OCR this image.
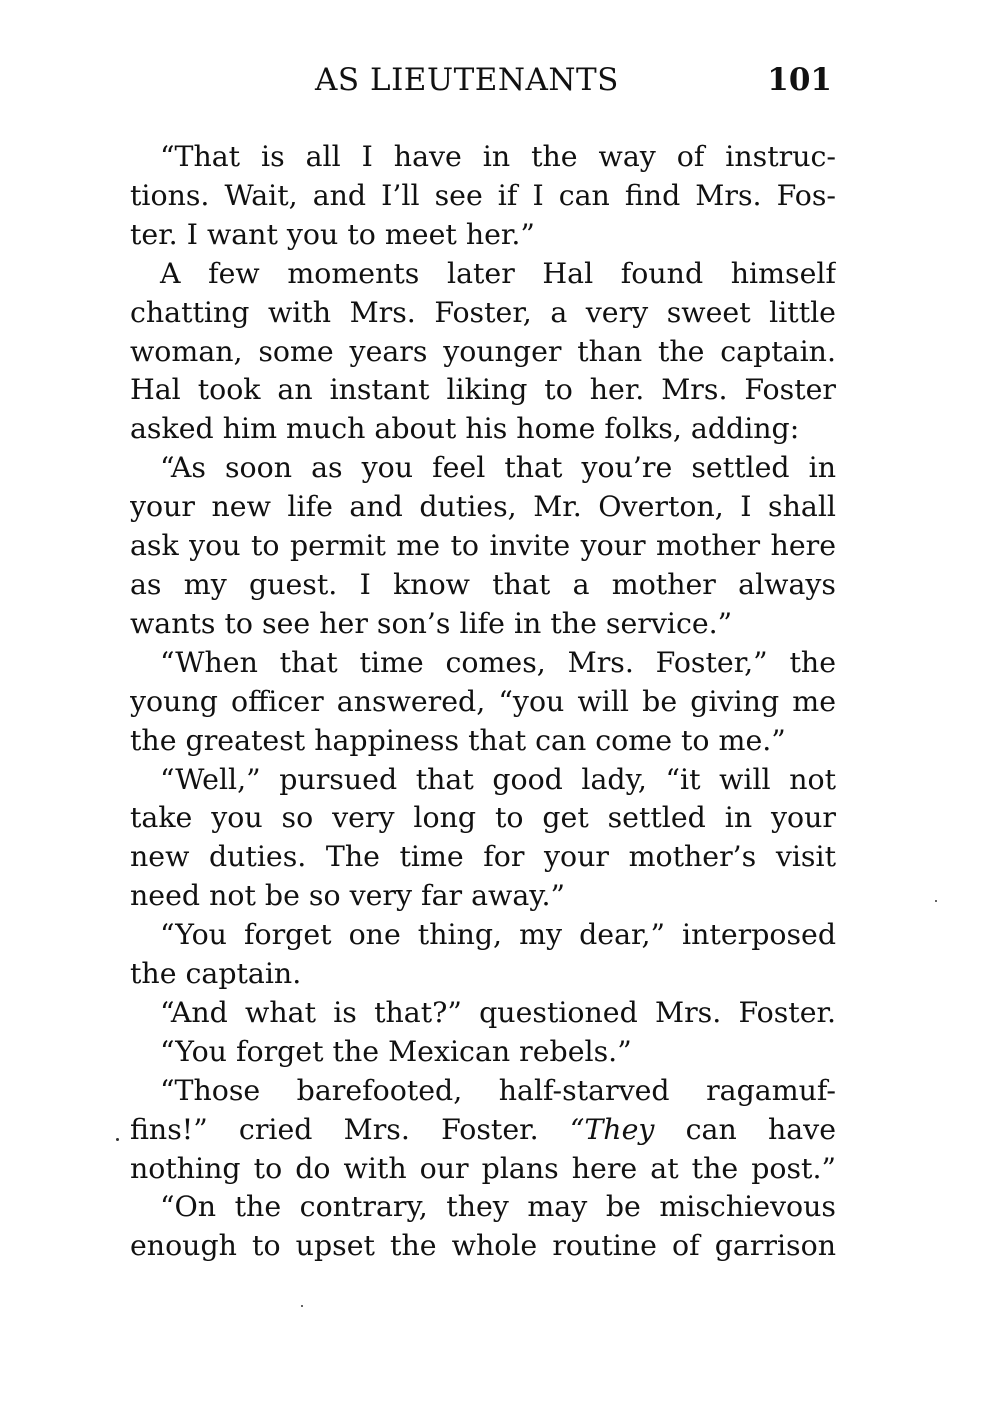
AS LIEUTENANTS	101
“That is all I have in the way of instruc-
tions. Wait, and I’ll see if I can find Mrs. Fos-
ter. I want you to meet her.”
A few moments later Hal found himself
chatting with Mrs. Foster, a very sweet little
woman, some years younger than the captain.
Hal took an instant liking to her. Mrs. Foster
asked him much about his home folks, adding:
“As soon as you feel that you’re settled in
your new life and duties, Mr. Overton, I shall
ask you to permit me to invite your mother here
as my guest. I know that a mother always
wants to see her son’s life in the service.”
“When that time comes, Mrs. Foster,” the
young officer answered, “you will be giving me
the greatest happiness that can come to me.”
“Well,” pursued that good lady, “it will not
take you so very long to get settled in your
new duties. The time for your mother’s visit
need not be so very far away.”
“You forget one thing, my dear,” interposed
the captain.
“And what is that?” questioned Mrs. Foster.
“You forget the Mexican rebels.”
“Those barefooted, half-starved ragamuf-
fins!” cried Mrs. Foster. “They can have
nothing to do with our plans here at the post.”
“On the contrary, they may be mischievous
enough to upset the whole routine of garrison
